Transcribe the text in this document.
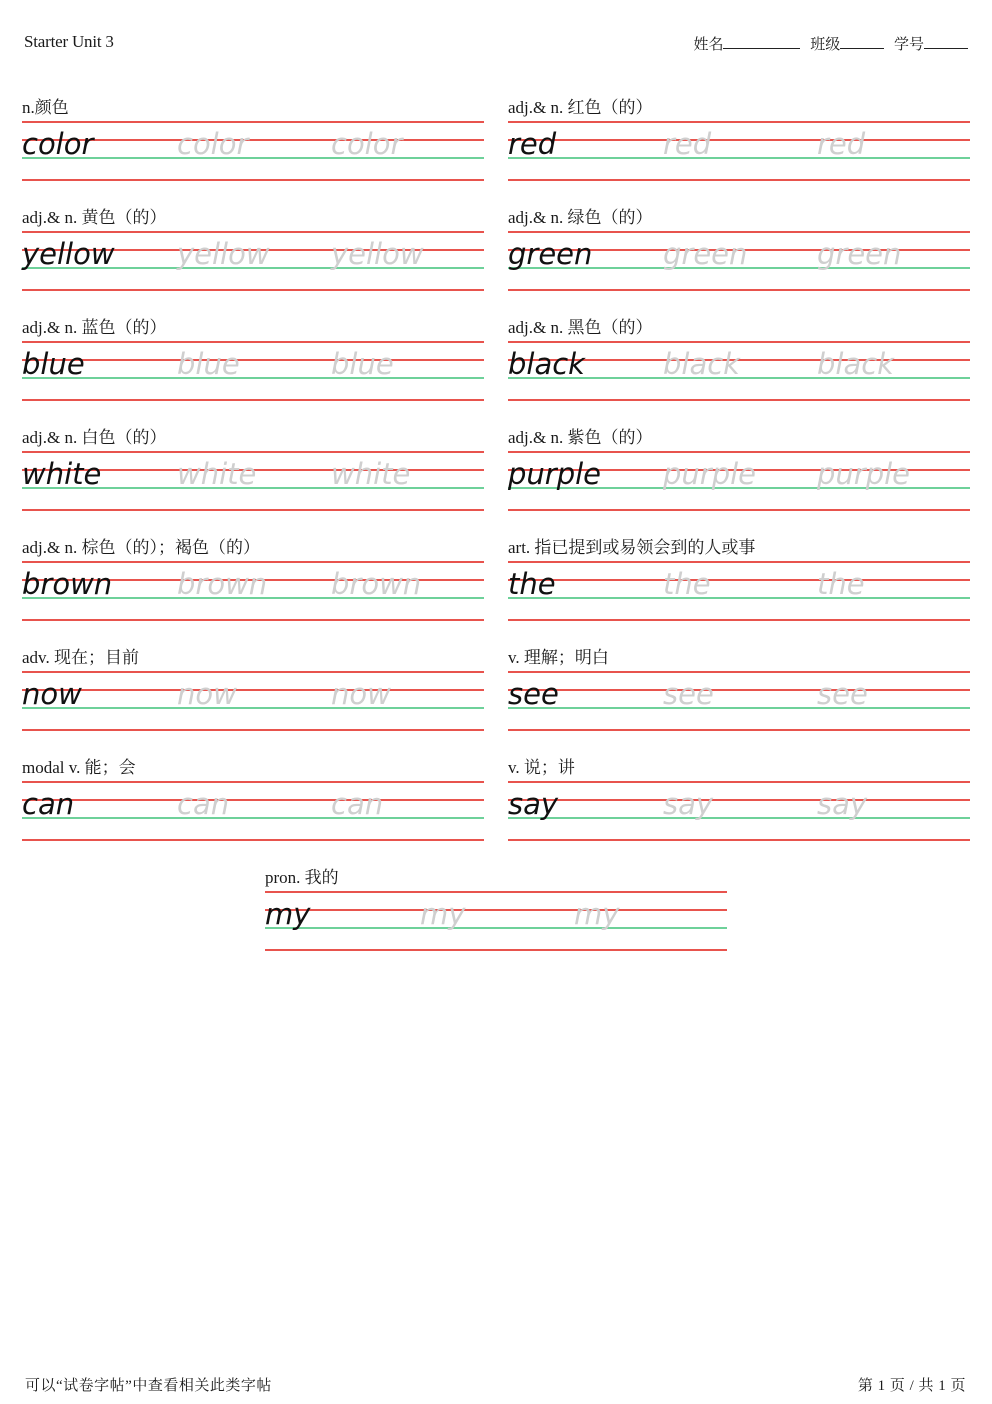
Starter Unit 3	姓名	班级	学号
n.颜色
color	color	color
adj.& n. 红色（的）
red	red	red
adj.& n. 黄色（的）
yellow	yellow	yellow
adj.& n. 绿色（的）
green	green	green
adj.& n. 蓝色（的）
blue	blue	blue
adj.& n. 黑色（的）
black	black	black
adj.& n. 白色（的）
white	white	white
adj.& n. 紫色（的）
purple	purple	purple
adj.& n. 棕色（的）；褐色（的）
brown	brown	brown
art. 指已提到或易领会到的人或事
the	the	the
adv. 现在；目前
now	now	now
v. 理解；明白
see	see	see
modal v. 能；会
can	can	can
v. 说；讲
say	say	say
pron. 我的
my	my	my
可以“试卷字帖”中查看相关此类字帖	第 1 页 / 共 1 页
